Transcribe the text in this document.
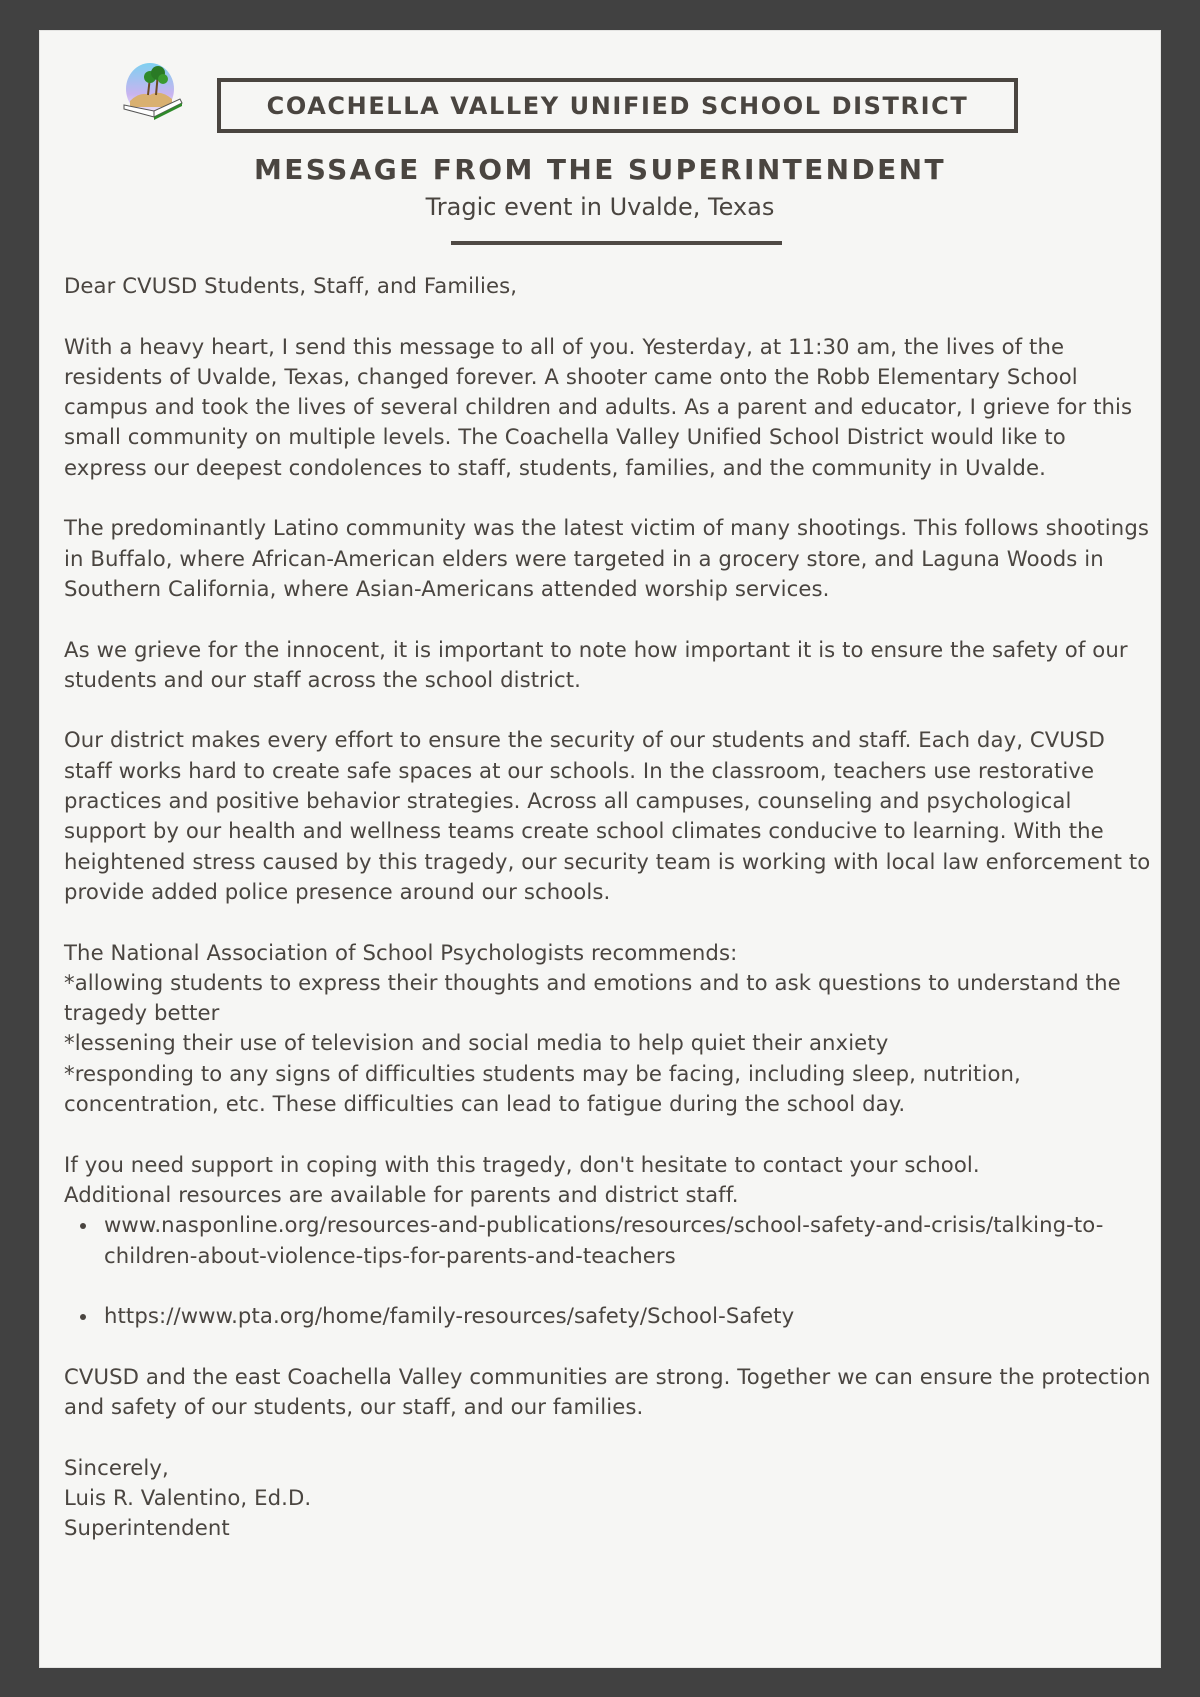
COACHELLA VALLEY UNIFIED SCHOOL DISTRICT
MESSAGE FROM THE SUPERINTENDENT
Tragic event in Uvalde, Texas

Dear CVUSD Students, Staff, and Families,

With a heavy heart, I send this message to all of you. Yesterday, at 11:30 am, the lives of the residents of Uvalde, Texas, changed forever. A shooter came onto the Robb Elementary School campus and took the lives of several children and adults. As a parent and educator, I grieve for this small community on multiple levels. The Coachella Valley Unified School District would like to express our deepest condolences to staff, students, families, and the community in Uvalde.

The predominantly Latino community was the latest victim of many shootings. This follows shootings in Buffalo, where African-American elders were targeted in a grocery store, and Laguna Woods in Southern California, where Asian-Americans attended worship services.

As we grieve for the innocent, it is important to note how important it is to ensure the safety of our students and our staff across the school district.

Our district makes every effort to ensure the security of our students and staff. Each day, CVUSD staff works hard to create safe spaces at our schools. In the classroom, teachers use restorative practices and positive behavior strategies. Across all campuses, counseling and psychological support by our health and wellness teams create school climates conducive to learning. With the heightened stress caused by this tragedy, our security team is working with local law enforcement to provide added police presence around our schools.

The National Association of School Psychologists recommends:
*allowing students to express their thoughts and emotions and to ask questions to understand the tragedy better
*lessening their use of television and social media to help quiet their anxiety
*responding to any signs of difficulties students may be facing, including sleep, nutrition, concentration, etc. These difficulties can lead to fatigue during the school day.

If you need support in coping with this tragedy, don't hesitate to contact your school.
Additional resources are available for parents and district staff.
www.nasponline.org/resources-and-publications/resources/school-safety-and-crisis/talking-to-children-about-violence-tips-for-parents-and-teachers
https://www.pta.org/home/family-resources/safety/School-Safety

CVUSD and the east Coachella Valley communities are strong. Together we can ensure the protection and safety of our students, our staff, and our families.

Sincerely,

Luis R. Valentino, Ed.D.

Superintendent
